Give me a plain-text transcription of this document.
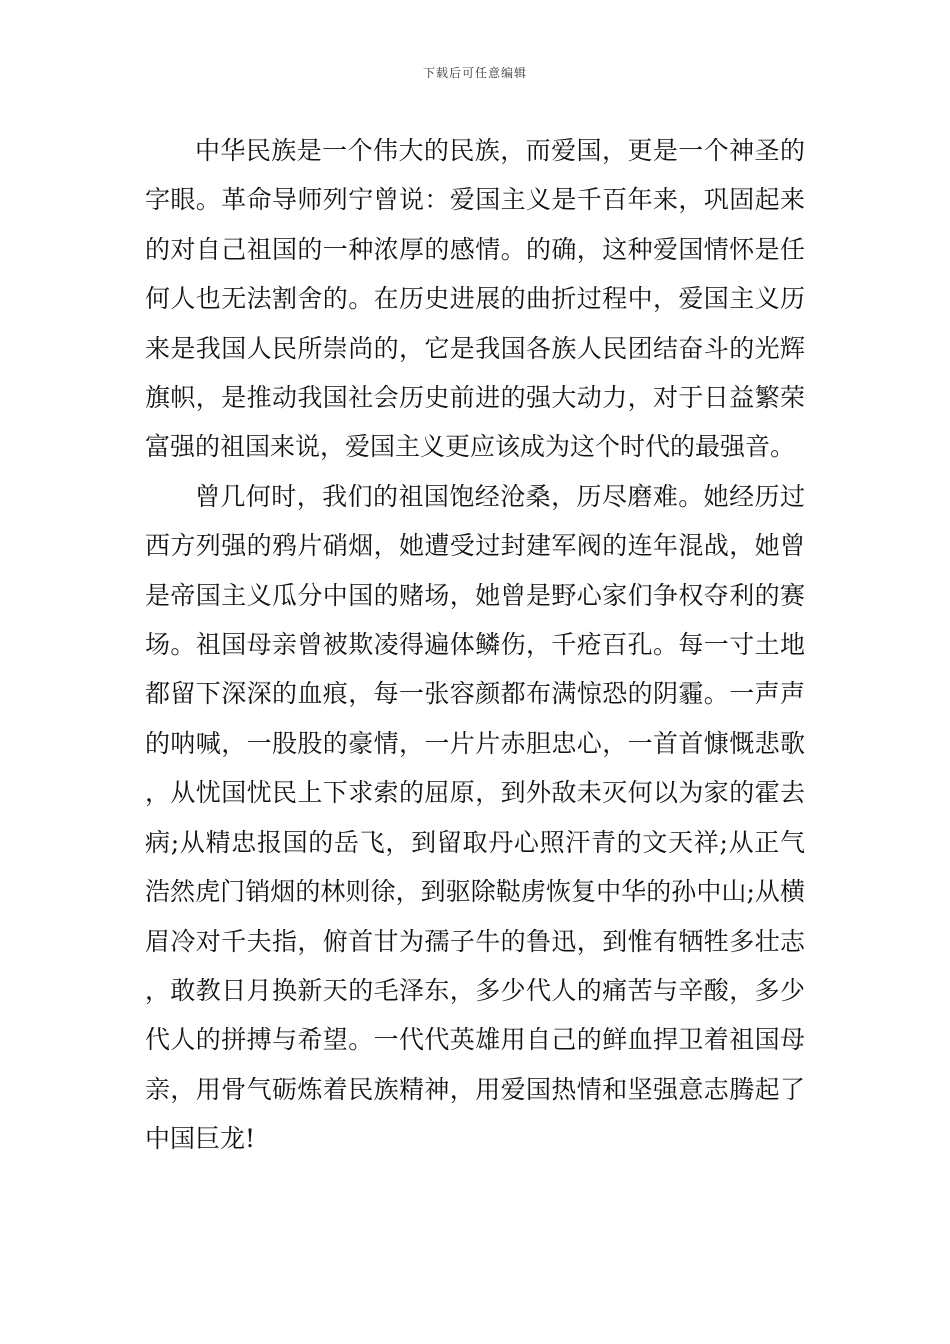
下载后可任意编辑

中华民族是一个伟大的民族，而爱国，更是一个神圣的字眼。革命导师列宁曾说：爱国主义是千百年来，巩固起来的对自己祖国的一种浓厚的感情。的确，这种爱国情怀是任何人也无法割舍的。在历史进展的曲折过程中，爱国主义历来是我国人民所崇尚的，它是我国各族人民团结奋斗的光辉旗帜，是推动我国社会历史前进的强大动力，对于日益繁荣富强的祖国来说，爱国主义更应该成为这个时代的最强音。

曾几何时，我们的祖国饱经沧桑，历尽磨难。她经历过西方列强的鸦片硝烟，她遭受过封建军阀的连年混战，她曾是帝国主义瓜分中国的赌场，她曾是野心家们争权夺利的赛场。祖国母亲曾被欺凌得遍体鳞伤，千疮百孔。每一寸土地都留下深深的血痕，每一张容颜都布满惊恐的阴霾。一声声的呐喊，一股股的豪情，一片片赤胆忠心，一首首慷慨悲歌，从忧国忧民上下求索的屈原，到外敌未灭何以为家的霍去病;从精忠报国的岳飞，到留取丹心照汗青的文天祥;从正气浩然虎门销烟的林则徐，到驱除鞑虏恢复中华的孙中山;从横眉冷对千夫指，俯首甘为孺子牛的鲁迅，到惟有牺牲多壮志，敢教日月换新天的毛泽东，多少代人的痛苦与辛酸，多少代人的拼搏与希望。一代代英雄用自己的鲜血捍卫着祖国母亲，用骨气砺炼着民族精神，用爱国热情和坚强意志腾起了中国巨龙!
